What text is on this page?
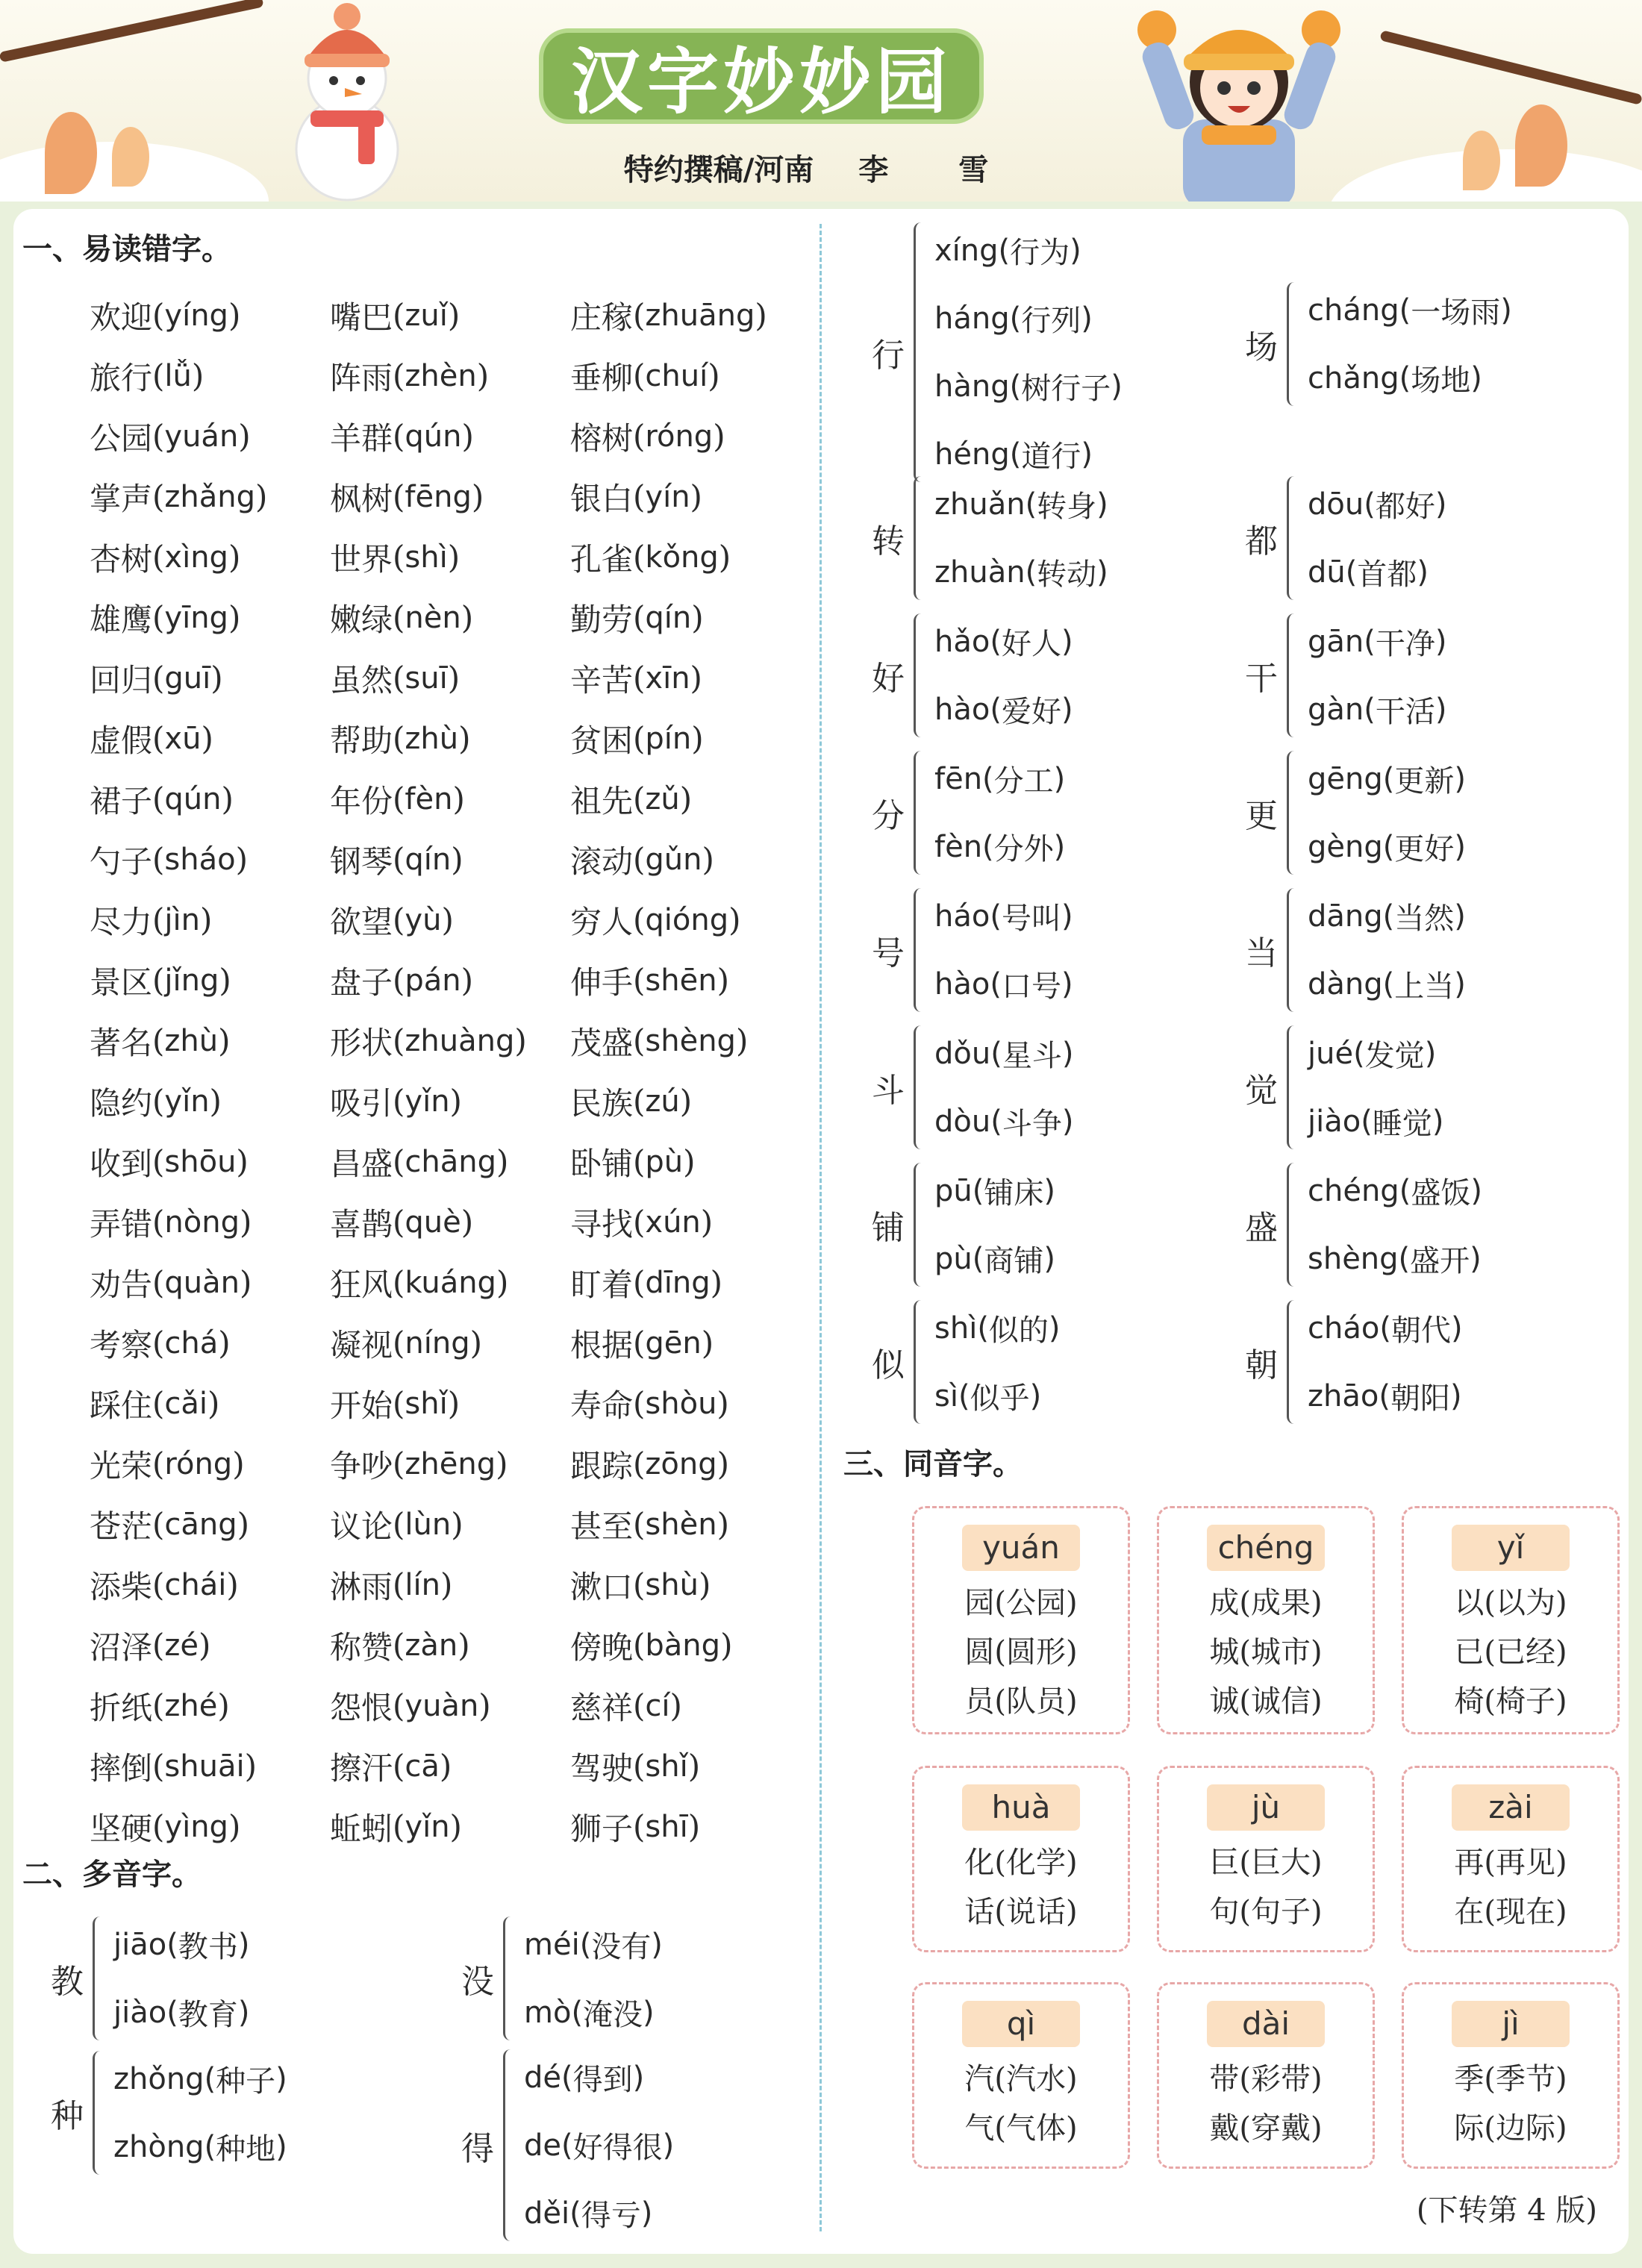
汉字妙妙园
特约撰稿/河南 李 雪
一、易读错字。
欢迎 ( yíng )	嘴巴 ( zuǐ )	庄稼 ( zhuāng )
旅行 ( lǚ )	阵雨 ( zhèn )	垂柳 ( chuí )
公园 ( yuán )	羊群 ( qún )	榕树 ( róng )
掌声 ( zhǎng )	枫树 ( fēng )	银白 ( yín )
杏树 ( xìng )	世界 ( shì )	孔雀 ( kǒng )
雄鹰 ( yīng )	嫩绿 ( nèn )	勤劳 ( qín )
回归 ( guī )	虽然 ( suī )	辛苦 ( xīn )
虚假 ( xū )	帮助 ( zhù )	贫困 ( pín )
裙子 ( qún )	年份 ( fèn )	祖先 ( zǔ )
勺子 ( sháo )	钢琴 ( qín )	滚动 ( gǔn )
尽力 ( jìn )	欲望 ( yù )	穷人 ( qióng )
景区 ( jǐng )	盘子 ( pán )	伸手 ( shēn )
著名 ( zhù )	形状 ( zhuàng )	茂盛 ( shèng )
隐约 ( yǐn )	吸引 ( yǐn )	民族 ( zú )
收到 ( shōu )	昌盛 ( chāng )	卧铺 ( pù )
弄错 ( nòng )	喜鹊 ( què )	寻找 ( xún )
劝告 ( quàn )	狂风 ( kuáng )	盯着 ( dīng )
考察 ( chá )	凝视 ( níng )	根据 ( gēn )
踩住 ( cǎi )	开始 ( shǐ )	寿命 ( shòu )
光荣 ( róng )	争吵 ( zhēng )	跟踪 ( zōng )
苍茫 ( cāng )	议论 ( lùn )	甚至 ( shèn )
添柴 ( chái )	淋雨 ( lín )	漱口 ( shù )
沼泽 ( zé )	称赞 ( zàn )	傍晚 ( bàng )
折纸 ( zhé )	怨恨 ( yuàn )	慈祥 ( cí )
摔倒 ( shuāi )	擦汗 ( cā )	驾驶 ( shǐ )
坚硬 ( yìng )	蚯蚓 ( yǐn )	狮子 ( shī )
二、多音字。
教
jiāo ( 教书 )
jiào ( 教育 )
没
méi ( 没有 )
mò ( 淹没 )
种
zhǒng ( 种子 )
zhòng ( 种地 )	得
dé ( 得到 )
de ( 好得很 )
děi ( 得亏 )
行
xíng ( 行为 )
háng ( 行列 )
hàng ( 树行子 )
héng ( 道行 )
场
cháng ( 一场雨 )
chǎng ( 场地 )
转
zhuǎn ( 转身 )
zhuàn ( 转动 )
都
dōu ( 都好 )
dū ( 首都 )
好
hǎo ( 好人 )
hào ( 爱好 )
干
gān ( 干净 )
gàn ( 干活 )
分
fēn ( 分工 )
fèn ( 分外 )
更
gēng ( 更新 )
gèng ( 更好 )
号
háo ( 号叫 )
hào ( 口号 )
当
dāng ( 当然 )
dàng ( 上当 )
斗
dǒu ( 星斗 )
dòu ( 斗争 )
觉
jué ( 发觉 )
jiào ( 睡觉 )
铺
pū ( 铺床 )
pù ( 商铺 )
盛
chéng ( 盛饭 )
shèng ( 盛开 )
似
shì ( 似的 )
sì ( 似乎 )
朝
cháo ( 朝代 )
zhāo ( 朝阳 )
三、同音字。
yuán
园(公园)
圆(圆形)
员(队员)
chéng
成(成果)
城(城市)
诚(诚信)
yǐ
以(以为)
已(已经)
椅(椅子)
huà
化(化学)
话(说话)
jù
巨(巨大)
句(句子)
zài
再(再见)
在(现在)
qì
汽(汽水)
气(气体)
dài
带(彩带)
戴(穿戴)
jì
季(季节)
际(边际)
(下转第 4 版)
